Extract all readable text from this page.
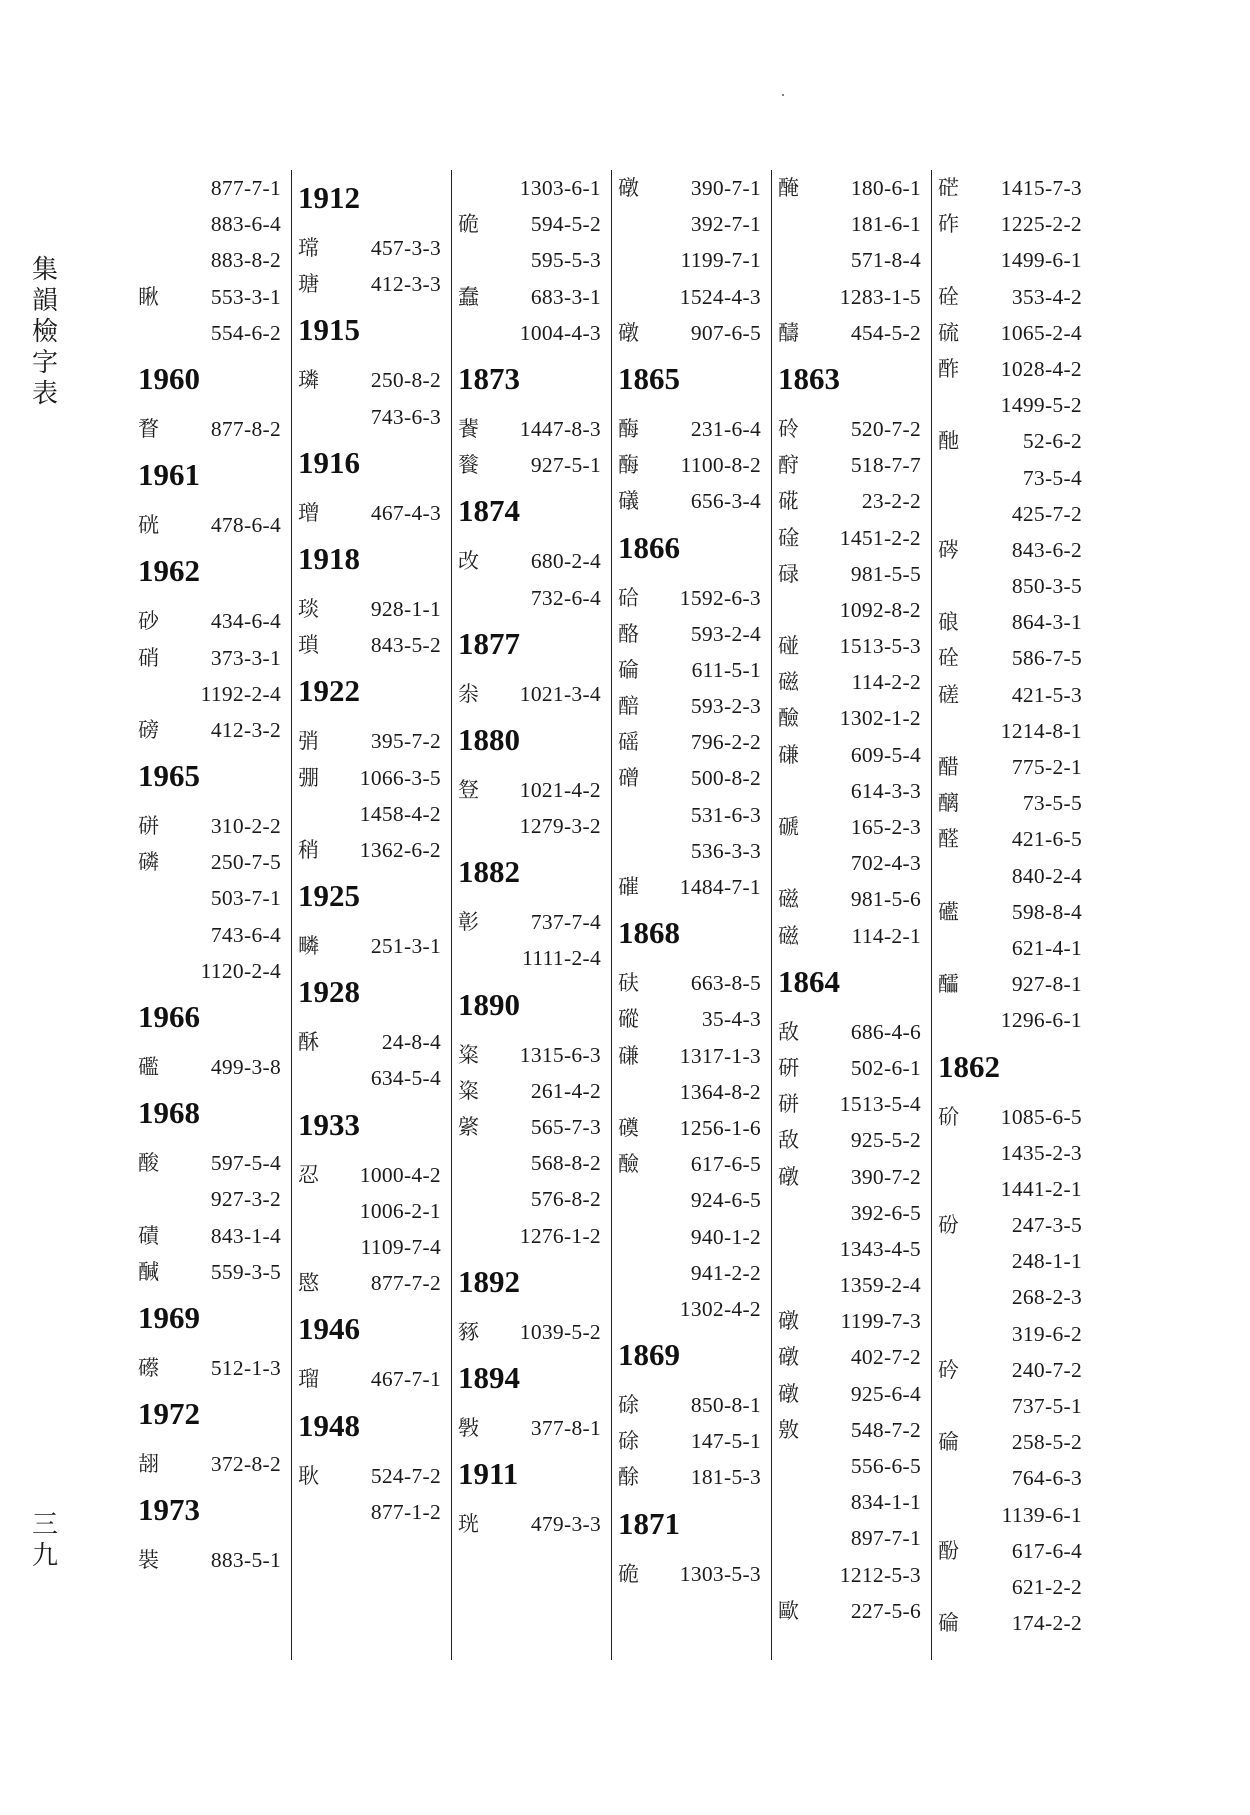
集韻檢字表
三九
877-7-1
883-6-4
883-8-2
瞅 553-3-1
554-6-2
1960
瞀 877-8-2
1961
硄 478-6-4
1962
砂 434-6-4
硝 373-3-1
1192-2-4
磅 412-3-2
1965
硑 310-2-2
磷 250-7-5
503-7-1
743-6-4
1120-2-4
1966
礛 499-3-8
1968
酸 597-5-4
927-3-2
磧 843-1-4
醎 559-3-5
1969
礤 512-1-3
1972
翓 372-8-2
1973
裝 883-5-1
1912
瑺 457-3-3
瑭 412-3-3
1915
璘 250-8-2
743-6-3
1916
璔 467-4-3
1918
琰 928-1-1
瑣 843-5-2
1922
弰 395-7-2
弸 1066-3-5
1458-4-2
稍 1362-6-2
1925
疄 251-3-1
1928
酥	24-8-4
634-5-4
1933
忍 1000-4-2
1006-2-1
1109-7-4
愍 877-7-2
1946
瑠 467-7-1
1948
耿 524-7-2
877-1-2
1303-6-1
硊 594-5-2
595-5-3
蠢 683-3-1
1004-4-3
1873
餥 1447-8-3
餮 927-5-1
1874
改 680-2-4
732-6-4
1877
尜 1021-3-4
1880
豋 1021-4-2
1279-3-2
1882
彰 737-7-4
1111-2-4
1890
粢 1315-6-3
粢 261-4-2
綮 565-7-3
568-8-2
576-8-2
1276-1-2
1892
豩 1039-5-2
1894
斅 377-8-1
1911
珖 479-3-3
礅 390-7-1
392-7-1
1199-7-1
1524-4-3
礅 907-6-5
1865
酶 231-6-4
酶 1100-8-2
礒 656-3-4
1866
硆 1592-6-3
酪 593-2-4
碖 611-5-1
醅 593-2-3
磘 796-2-2
磳 500-8-2
531-6-3
536-3-3
磪 1484-7-1
1868
砆 663-8-5
磫	35-4-3
磏 1317-1-3
1364-8-2
磸 1256-1-6
醶 617-6-5
924-6-5
940-1-2
941-2-2
1302-4-2
1869
硢 850-8-1
硢 147-5-1
酴 181-5-3
1871
硊 1303-5-3
醃 180-6-1
181-6-1
571-8-4
1283-1-5
醻 454-5-2
1863
砱 520-7-2
酧 518-7-7
硴	23-2-2
碒 1451-2-2
碌 981-5-5
1092-8-2
碰 1513-5-3
磁 114-2-2
醶 1302-1-2
磏 609-5-4
614-3-3
磃 165-2-3
702-4-3
磁 981-5-6
磁 114-2-1
1864
敌 686-4-6
硏 502-6-1
硑 1513-5-4
敌 925-5-2
礅 390-7-2
392-6-5
1343-4-5
1359-2-4
礅 1199-7-3
礅 402-7-2
礅 925-6-4
敫 548-7-2
556-6-5
834-1-1
897-7-1
1212-5-3
歐 227-5-6
硭 1415-7-3
砟 1225-2-2
1499-6-1
硂 353-4-2
硫 1065-2-4
酢 1028-4-2
1499-5-2
酏	52-6-2
73-5-4
425-7-2
硶 843-6-2
850-3-5
硠 864-3-1
硂 586-7-5
磋 421-5-3
1214-8-1
醋 775-2-1
醨	73-5-5
醛 421-6-5
840-2-4
礷 598-8-4
621-4-1
醽 927-8-1
1296-6-1
1862
砎 1085-6-5
1435-2-3
1441-2-1
砏 247-3-5
248-1-1
268-2-3
319-6-2
砛 240-7-2
737-5-1
碖 258-5-2
764-6-3
1139-6-1
酚 617-6-4
621-2-2
碖 174-2-2
